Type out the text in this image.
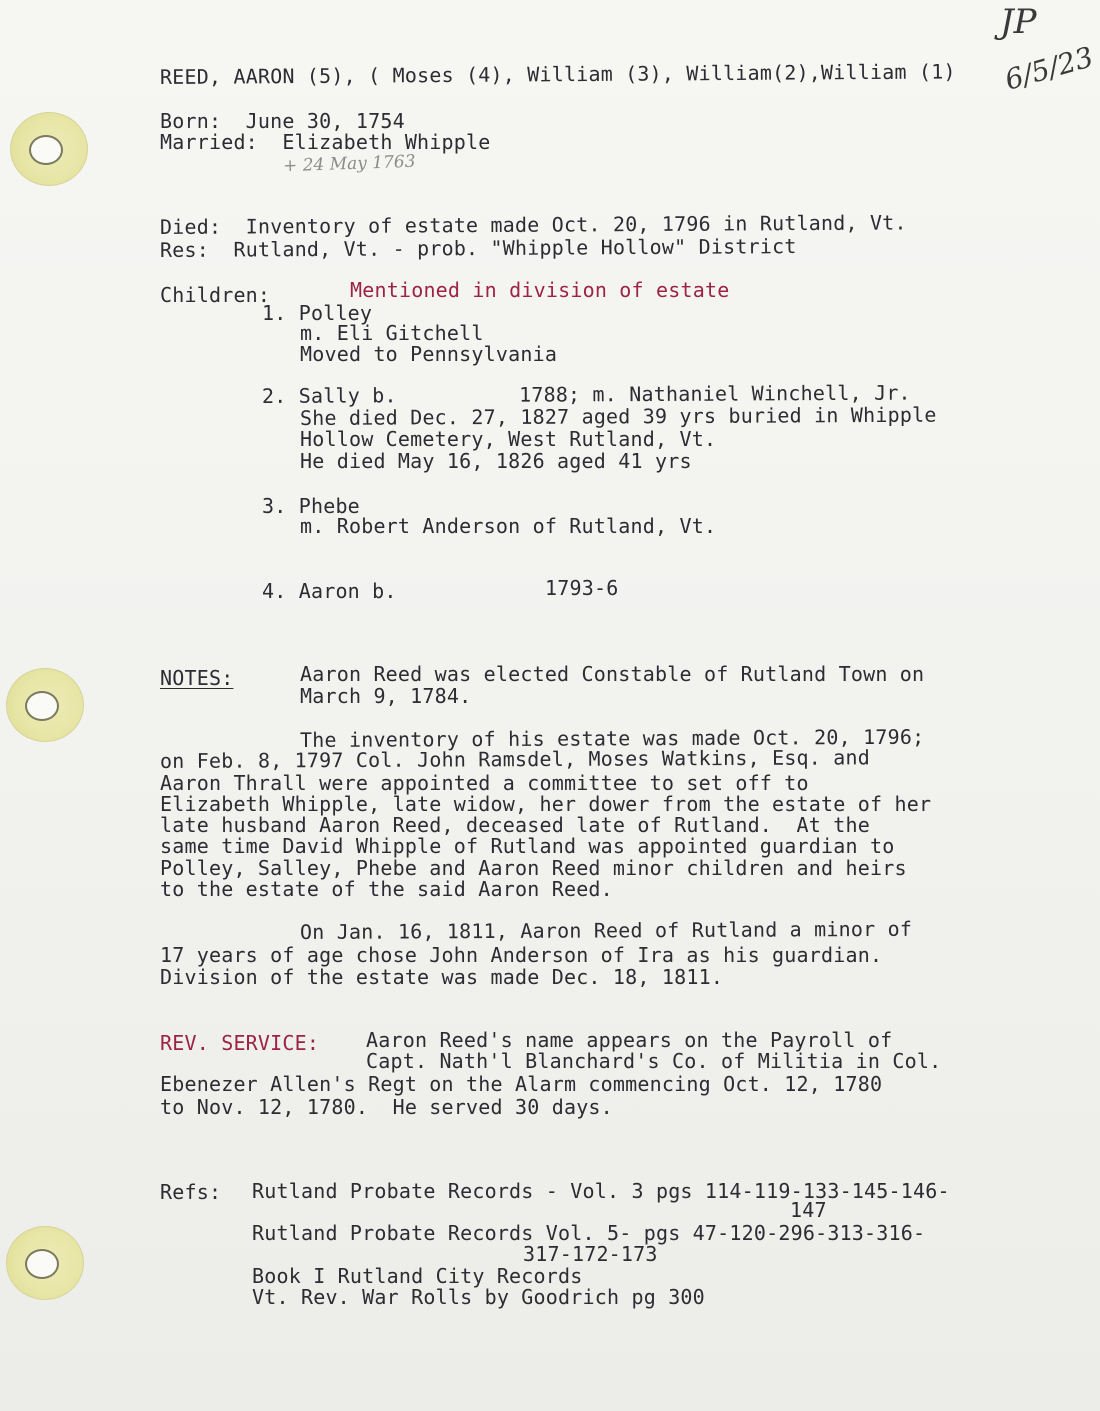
JP
6/5/23
+ 24 May 1763
REED, AARON (5), ( Moses (4), William (3), William(2),William (1)
Born:  June 30, 1754
Married:  Elizabeth Whipple
Died:  Inventory of estate made Oct. 20, 1796 in Rutland, Vt.
Res:  Rutland, Vt. - prob. "Whipple Hollow" District
Children:	Mentioned in division of estate
1. Polley
m. Eli Gitchell
Moved to Pennsylvania
2. Sally b.          1788; m. Nathaniel Winchell, Jr.
She died Dec. 27, 1827 aged 39 yrs buried in Whipple
Hollow Cemetery, West Rutland, Vt.
He died May 16, 1826 aged 41 yrs
3. Phebe
m. Robert Anderson of Rutland, Vt.
4. Aaron b.	1793-6
NOTES:	Aaron Reed was elected Constable of Rutland Town on
March 9, 1784.
The inventory of his estate was made Oct. 20, 1796;
on Feb. 8, 1797 Col. John Ramsdel, Moses Watkins, Esq. and
Aaron Thrall were appointed a committee to set off to
Elizabeth Whipple, late widow, her dower from the estate of her
late husband Aaron Reed, deceased late of Rutland.  At the
same time David Whipple of Rutland was appointed guardian to
Polley, Salley, Phebe and Aaron Reed minor children and heirs
to the estate of the said Aaron Reed.
On Jan. 16, 1811, Aaron Reed of Rutland a minor of
17 years of age chose John Anderson of Ira as his guardian.
Division of the estate was made Dec. 18, 1811.
REV. SERVICE: Aaron Reed's name appears on the Payroll of
Capt. Nath'l Blanchard's Co. of Militia in Col.
Ebenezer Allen's Regt on the Alarm commencing Oct. 12, 1780
to Nov. 12, 1780.  He served 30 days.
Refs: Rutland Probate Records - Vol. 3 pgs 114-119-133-145-146-
147
Rutland Probate Records Vol. 5- pgs 47-120-296-313-316-
317-172-173
Book I Rutland City Records
Vt. Rev. War Rolls by Goodrich pg 300
